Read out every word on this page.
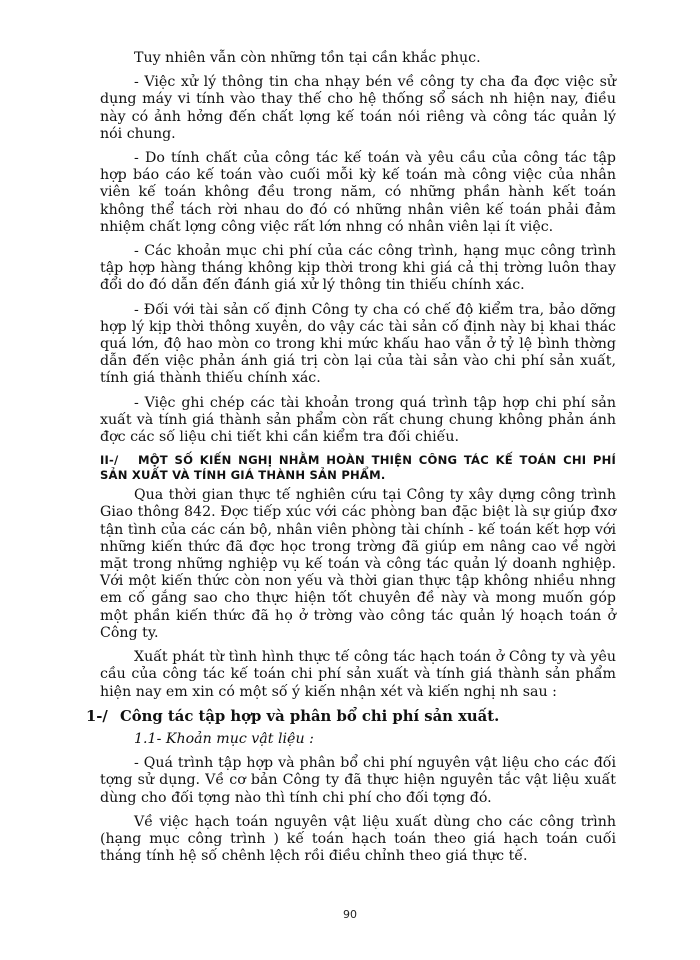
Tuy nhiên vẫn còn những tồn tại cần khắc phục.

- Việc xử lý thông tin cha nhạy bén về công ty cha đa đợc việc sử dụng máy vi tính vào thay thế cho hệ thống sổ sách nh hiện nay, điều này có ảnh hởng đến chất lợng kế toán nói riêng và công tác quản lý nói chung.

- Do tính chất của công tác kế toán và yêu cầu của công tác tập hợp báo cáo kế toán vào cuối mỗi kỳ kế toán mà công việc của nhân viên kế toán không đều trong năm, có những phần hành kết toán không thể tách rời nhau do đó có những nhân viên kế toán phải đảm nhiệm chất lợng công việc rất lớn nhng có nhân viên lại ít việc.

- Các khoản mục chi phí của các công trình, hạng mục công trình tập hợp hàng tháng không kịp thời trong khi giá cả thị trờng luôn thay đổi do đó dẫn đến đánh giá xử lý thông tin thiếu chính xác.

- Đối với tài sản cố định Công ty cha có chế độ kiểm tra, bảo dỡng hợp lý kịp thời thông xuyên, do vậy các tài sản cố định này bị khai thác quá lớn, độ hao mòn co trong khi mức khấu hao vẫn ở tỷ lệ bình thờng dẫn đến việc phản ánh giá trị còn lại của tài sản vào chi phí sản xuất, tính giá thành thiếu chính xác.

- Việc ghi chép các tài khoản trong quá trình tập hợp chi phí sản xuất và tính giá thành sản phẩm còn rất chung chung không phản ánh đợc các số liệu chi tiết khi cần kiểm tra đối chiếu.

II-/ MỘT SỐ KIẾN NGHỊ NHẰM HOÀN THIỆN CÔNG TÁC KẾ TOÁN CHI PHÍ SẢN XUẤT VÀ TÍNH GIÁ THÀNH SẢN PHẨM.

Qua thời gian thực tế nghiên cứu tại Công ty xây dựng công trình Giao thông 842. Đợc tiếp xúc với các phòng ban đặc biệt là sự giúp đxơ tận tình của các cán bộ, nhân viên phòng tài chính - kế toán kết hợp với những kiến thức đã đợc học trong trờng đã giúp em nâng cao về ngời mặt trong những nghiệp vụ kế toán và công tác quản lý doanh nghiệp. Với một kiến thức còn non yếu và thời gian thực tập không nhiều nhng em cố gắng sao cho thực hiện tốt chuyên đề này và mong muốn góp một phần kiến thức đã họ ở trờng vào công tác quản lý hoạch toán ở Công ty.

Xuất phát từ tình hình thực tế công tác hạch toán ở Công ty và yêu cầu của công tác kế toán chi phí sản xuất và tính giá thành sản phẩm hiện nay em xin có một số ý kiến nhận xét và kiến nghị nh sau :

1-/ Công tác tập hợp và phân bổ chi phí sản xuất.

1.1- Khoản mục vật liệu :

- Quá trình tập hợp và phân bổ chi phí nguyên vật liệu cho các đối tợng sử dụng. Về cơ bản Công ty đã thực hiện nguyên tắc vật liệu xuất dùng cho đối tợng nào thì tính chi phí cho đối tợng đó.

Về việc hạch toán nguyên vật liệu xuất dùng cho các công trình (hạng mục công trình ) kế toán hạch toán theo giá hạch toán cuối tháng tính hệ số chênh lệch rồi điều chỉnh theo giá thực tế.

90
